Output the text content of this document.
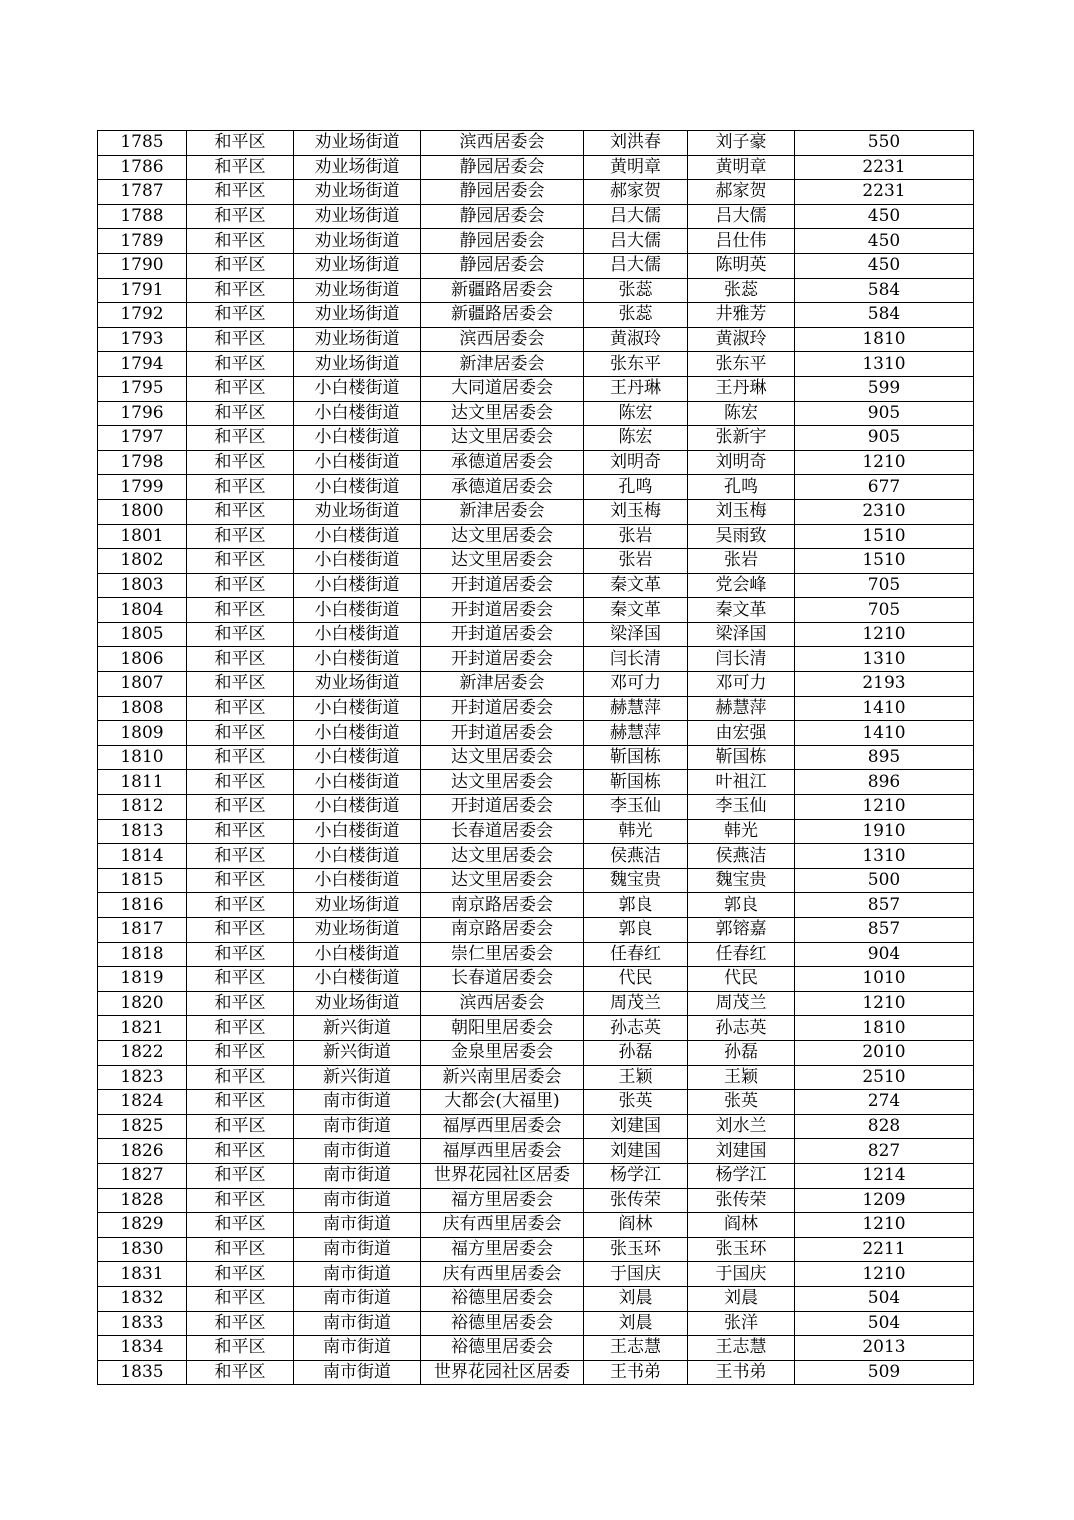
1785	和平区	劝业场街道	滨西居委会	刘洪春	刘子豪	550
1786	和平区	劝业场街道	静园居委会	黄明章	黄明章	2231
1787	和平区	劝业场街道	静园居委会	郝家贺	郝家贺	2231
1788	和平区	劝业场街道	静园居委会	吕大儒	吕大儒	450
1789	和平区	劝业场街道	静园居委会	吕大儒	吕仕伟	450
1790	和平区	劝业场街道	静园居委会	吕大儒	陈明英	450
1791	和平区	劝业场街道	新疆路居委会	张蕊	张蕊	584
1792	和平区	劝业场街道	新疆路居委会	张蕊	井雅芳	584
1793	和平区	劝业场街道	滨西居委会	黄淑玲	黄淑玲	1810
1794	和平区	劝业场街道	新津居委会	张东平	张东平	1310
1795	和平区	小白楼街道	大同道居委会	王丹琳	王丹琳	599
1796	和平区	小白楼街道	达文里居委会	陈宏	陈宏	905
1797	和平区	小白楼街道	达文里居委会	陈宏	张新宇	905
1798	和平区	小白楼街道	承德道居委会	刘明奇	刘明奇	1210
1799	和平区	小白楼街道	承德道居委会	孔鸣	孔鸣	677
1800	和平区	劝业场街道	新津居委会	刘玉梅	刘玉梅	2310
1801	和平区	小白楼街道	达文里居委会	张岩	吴雨致	1510
1802	和平区	小白楼街道	达文里居委会	张岩	张岩	1510
1803	和平区	小白楼街道	开封道居委会	秦文革	党会峰	705
1804	和平区	小白楼街道	开封道居委会	秦文革	秦文革	705
1805	和平区	小白楼街道	开封道居委会	梁泽国	梁泽国	1210
1806	和平区	小白楼街道	开封道居委会	闫长清	闫长清	1310
1807	和平区	劝业场街道	新津居委会	邓可力	邓可力	2193
1808	和平区	小白楼街道	开封道居委会	赫慧萍	赫慧萍	1410
1809	和平区	小白楼街道	开封道居委会	赫慧萍	由宏强	1410
1810	和平区	小白楼街道	达文里居委会	靳国栋	靳国栋	895
1811	和平区	小白楼街道	达文里居委会	靳国栋	叶祖江	896
1812	和平区	小白楼街道	开封道居委会	李玉仙	李玉仙	1210
1813	和平区	小白楼街道	长春道居委会	韩光	韩光	1910
1814	和平区	小白楼街道	达文里居委会	侯燕洁	侯燕洁	1310
1815	和平区	小白楼街道	达文里居委会	魏宝贵	魏宝贵	500
1816	和平区	劝业场街道	南京路居委会	郭良	郭良	857
1817	和平区	劝业场街道	南京路居委会	郭良	郭镕嘉	857
1818	和平区	小白楼街道	崇仁里居委会	任春红	任春红	904
1819	和平区	小白楼街道	长春道居委会	代民	代民	1010
1820	和平区	劝业场街道	滨西居委会	周茂兰	周茂兰	1210
1821	和平区	新兴街道	朝阳里居委会	孙志英	孙志英	1810
1822	和平区	新兴街道	金泉里居委会	孙磊	孙磊	2010
1823	和平区	新兴街道	新兴南里居委会	王颖	王颖	2510
1824	和平区	南市街道	大都会(大福里)	张英	张英	274
1825	和平区	南市街道	福厚西里居委会	刘建国	刘水兰	828
1826	和平区	南市街道	福厚西里居委会	刘建国	刘建国	827
1827	和平区	南市街道	世界花园社区居委	杨学江	杨学江	1214
1828	和平区	南市街道	福方里居委会	张传荣	张传荣	1209
1829	和平区	南市街道	庆有西里居委会	阎林	阎林	1210
1830	和平区	南市街道	福方里居委会	张玉环	张玉环	2211
1831	和平区	南市街道	庆有西里居委会	于国庆	于国庆	1210
1832	和平区	南市街道	裕德里居委会	刘晨	刘晨	504
1833	和平区	南市街道	裕德里居委会	刘晨	张洋	504
1834	和平区	南市街道	裕德里居委会	王志慧	王志慧	2013
1835	和平区	南市街道	世界花园社区居委	王书弟	王书弟	509
